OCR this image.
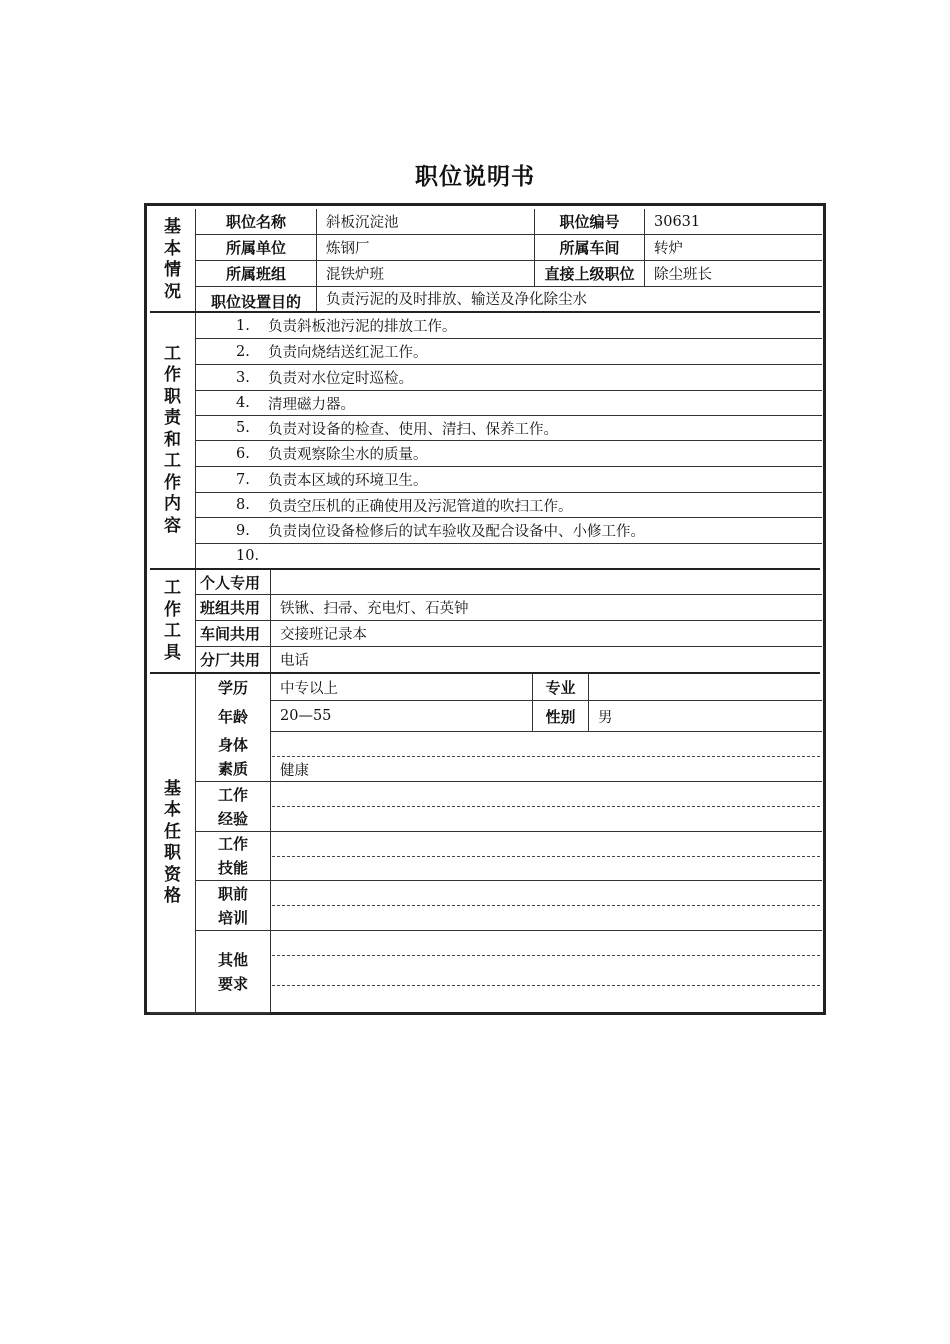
职位说明书
基
本
情
况
工
作
职
责
和
工
作
内
容
工
作
工
具
基
本
任
职
资
格
职位名称	斜板沉淀池	职位编号	30631
所属单位	炼钢厂	所属车间	转炉
所属班组	混铁炉班	直接上级职位	除尘班长
职位设置目的	负责污泥的及时排放、输送及净化除尘水
1.	负责斜板池污泥的排放工作。
2.	负责向烧结送红泥工作。
3.	负责对水位定时巡检。
4.	清理磁力器。
5.	负责对设备的检查、使用、清扫、保养工作。
6.	负责观察除尘水的质量。
7.	负责本区域的环境卫生。
8.	负责空压机的正确使用及污泥管道的吹扫工作。
9.	负责岗位设备检修后的试车验收及配合设备中、小修工作。
10.
个人专用
班组共用	铁锹、扫帚、充电灯、石英钟
车间共用	交接班记录本
分厂共用	电话
学历	中专以上	专业
年龄	20—55	性别	男
身体
素质	健康
工作
经验
工作
技能
职前
培训
其他
要求
